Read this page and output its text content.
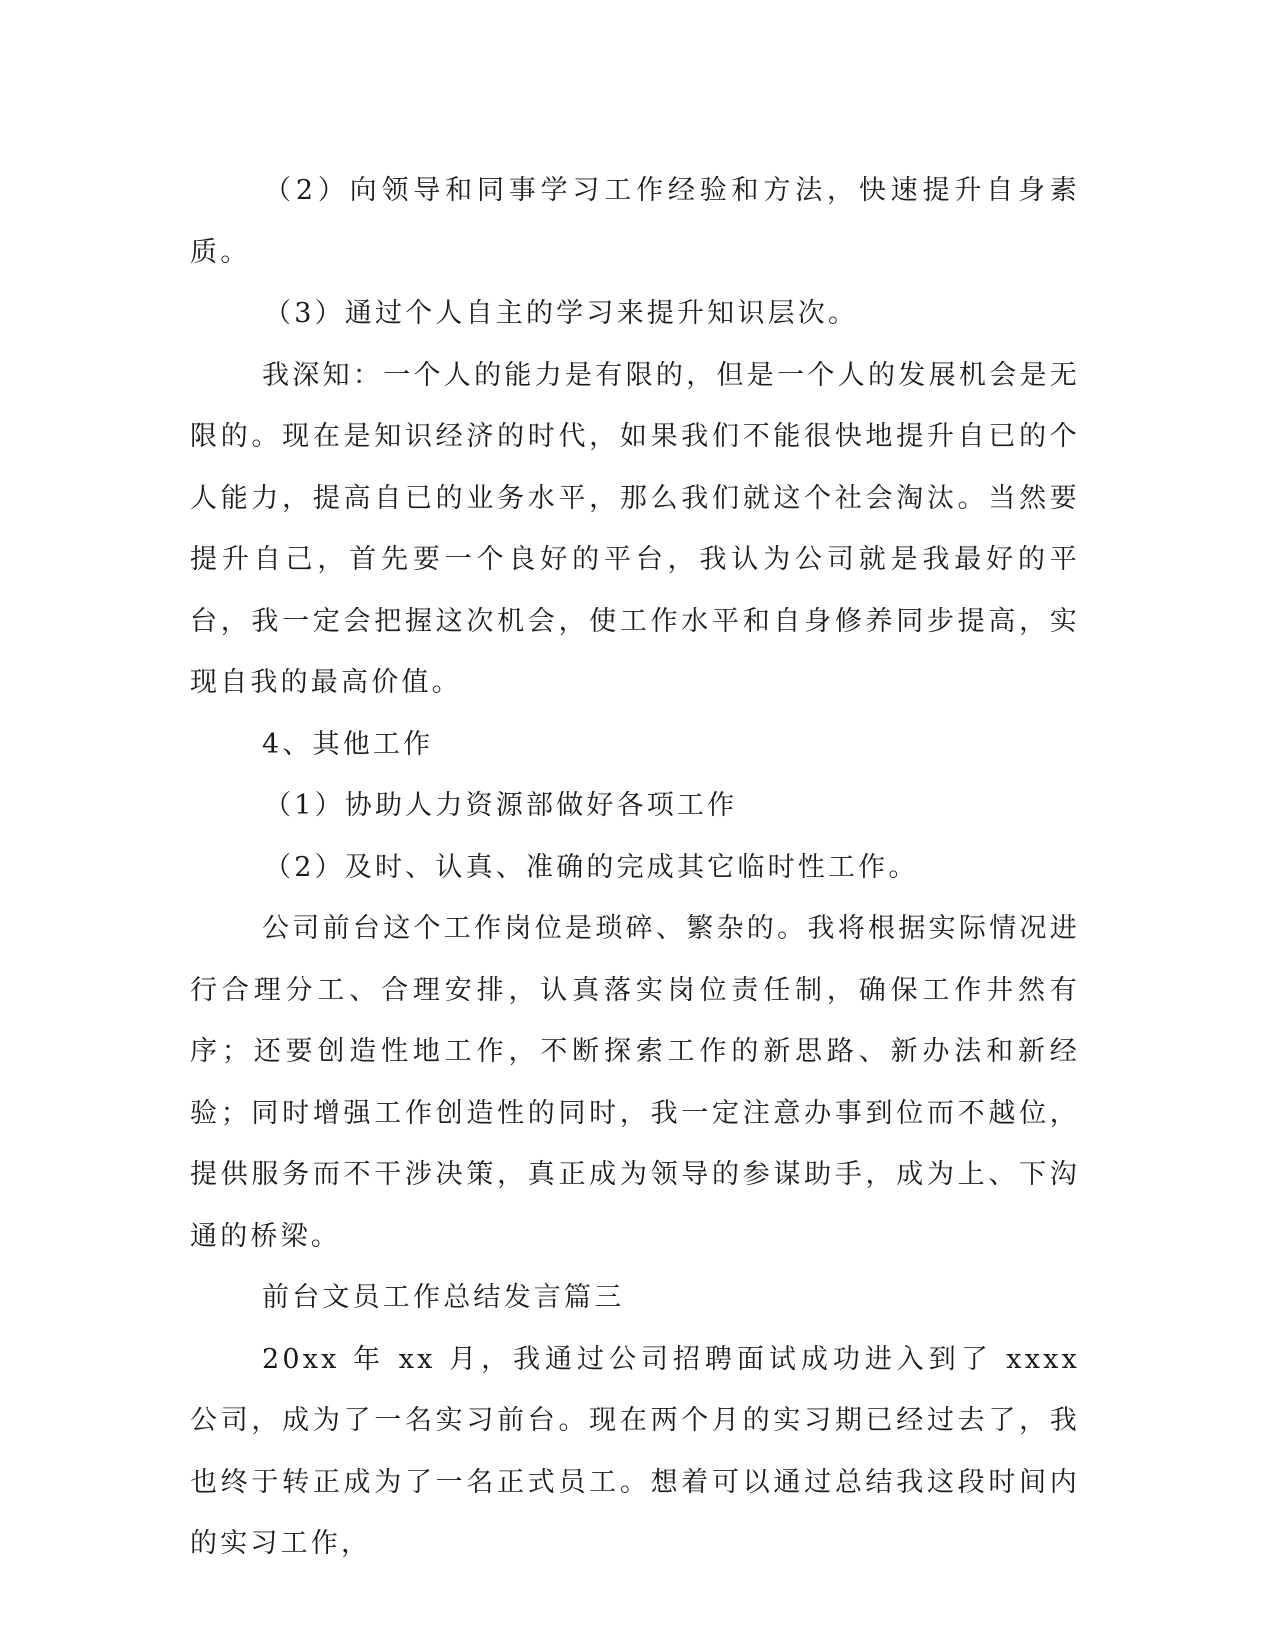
（2）向领导和同事学习工作经验和方法，快速提升自身素质。

（3）通过个人自主的学习来提升知识层次。

我深知：一个人的能力是有限的，但是一个人的发展机会是无限的。现在是知识经济的时代，如果我们不能很快地提升自已的个人能力，提高自已的业务水平，那么我们就这个社会淘汰。当然要提升自己，首先要一个良好的平台，我认为公司就是我最好的平台，我一定会把握这次机会，使工作水平和自身修养同步提高，实现自我的最高价值。

4、其他工作

（1）协助人力资源部做好各项工作

（2）及时、认真、准确的完成其它临时性工作。

公司前台这个工作岗位是琐碎、繁杂的。我将根据实际情况进行合理分工、合理安排，认真落实岗位责任制，确保工作井然有序；还要创造性地工作，不断探索工作的新思路、新办法和新经验；同时增强工作创造性的同时，我一定注意办事到位而不越位，提供服务而不干涉决策，真正成为领导的参谋助手，成为上、下沟通的桥梁。

前台文员工作总结发言篇三

20xx 年 xx 月，我通过公司招聘面试成功进入到了 xxxx 公司，成为了一名实习前台。现在两个月的实习期已经过去了，我也终于转正成为了一名正式员工。想着可以通过总结我这段时间内的实习工作，
